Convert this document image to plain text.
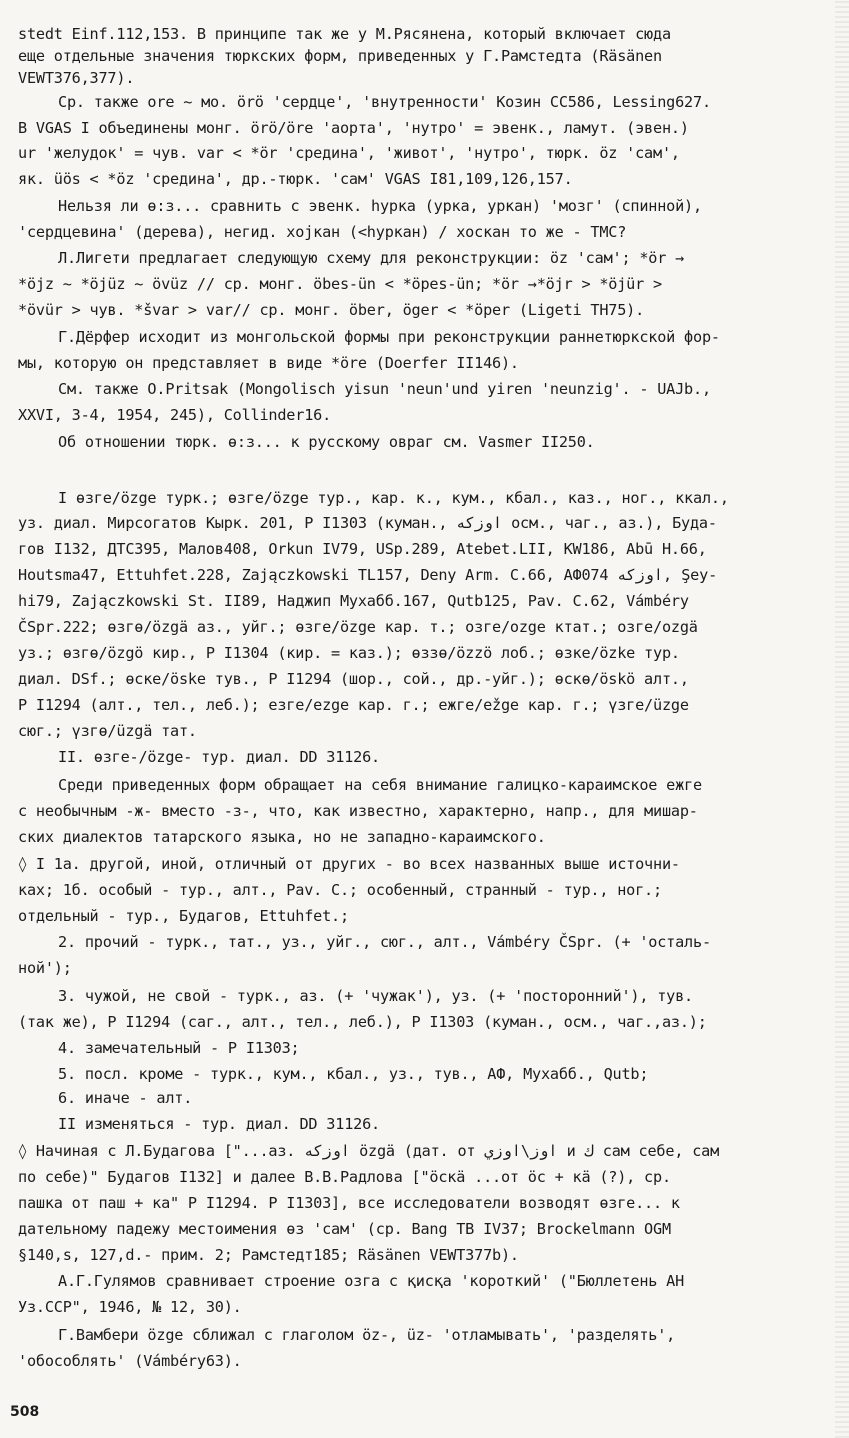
stedt Einf.112,153. В принципе так же у М.Рясянена, который включает сюда
еще отдельные значения тюркских форм, приведенных у Г.Рамстедта (Räsänen
VEWT376,377).
Ср. также ore ~ мо. örö 'сердце', 'внутренности' Козин CC586, Lessing627.
В VGAS I объединены монг. örö/öre 'аорта', 'нутро' = эвенк., ламут. (эвен.)
ur 'желудок' = чув. var < *ör 'средина', 'живот', 'нутро', тюрк. öz 'сам',
як. üös < *öz 'средина', др.-тюрк. 'сам' VGAS I81,109,126,157.
Нельзя ли ө:з... сравнить с эвенк. һурка (урка, уркан) 'мозг' (спинной),
'сердцевина' (дерева), негид. хојкан (<һуркан) / хоскан то же - ТМС?
Л.Лигети предлагает следующую схему для реконструкции: öz 'сам'; *ör →
*öjz ~ *öjüz ~ övüz // ср. монг. öbes-ün < *öpes-ün; *ör →*öjr > *öjür >
*övür > чув. *švar > var// ср. монг. öber, öger < *öper (Ligeti TH75).
Г.Дёрфер исходит из монгольской формы при реконструкции раннетюркской фор-
мы, которую он представляет в виде *öre (Doerfer II146).
См. также O.Pritsak (Mongolisch yisun 'neun'und yiren 'neunzig'. - UAJb.,
XXVI, 3-4, 1954, 245), Collinder16.
Об отношении тюрк. ө:з... к русскому овраг см. Vasmer II250.
I өзгe/özge турк.; өзге/özge тур., кар. к., кум., кбал., каз., ног., ккал.,
уз. диал. Мирсогатов Кырк. 201, Р I1303 (куман., اوزكه осм., чаг., аз.), Буда-
гов I132, ДТС395, Малов408, Orkun IV79, USp.289, Atebet.LII, KW186, Abū H.66,
Houtsma47, Ettuhfet.228, Zajączkowski TL157, Deny Arm. C.66, АФ074 اوزكه, Şey-
hi79, Zajączkowski St. II89, Наджип Мухабб.167, Qutb125, Pav. C.62, Vámbéry
ČSpr.222; өзгө/özgä аз., уйг.; өзге/özge кар. т.; озге/ozge ктат.; озге/ozgä
уз.; өзгө/özgö кир., Р I1304 (кир. = каз.); өззө/özzö лоб.; өзке/özke тур.
диал. DSf.; өске/öske тув., Р I1294 (шор., сой., др.-уйг.); өскө/öskö алт.,
Р I1294 (алт., тел., леб.); езге/ezge кар. г.; ежге/ežge кар. г.; үзге/üzge
сюг.; үзгө/üzgä тат.
II. өзге-/özge- тур. диал. DD 31126.
Среди приведенных форм обращает на себя внимание галицко-караимское ежге
с необычным -ж- вместо -з-, что, как известно, характерно, напр., для мишар-
ских диалектов татарского языка, но не западно-караимского.
◊ I 1а. другой, иной, отличный от других - во всех названных выше источни-
ках; 1б. особый - тур., алт., Pav. C.; особенный, странный - тур., ног.;
отдельный - тур., Будагов, Ettuhfet.;
2. прочий - турк., тат., уз., уйг., сюг., алт., Vámbéry ČSpr. (+ 'осталь-
ной');
3. чужой, не свой - турк., аз. (+ 'чужак'), уз. (+ 'посторонний'), тув.
(так же), Р I1294 (саг., алт., тел., леб.), Р I1303 (куман., осм., чаг.,аз.);
4. замечательный - Р I1303;
5. посл. кроме - турк., кум., кбал., уз., тув., АФ, Мухабб., Qutb;
6. иначе - алт.
II изменяться - тур. диал. DD 31126.
◊ Начиная с Л.Будагова ["...аз. اوزكه özgä (дат. от اوز\اوزي и ك сам себе, сам
по себе)" Будагов I132] и далее В.В.Радлова ["öскä ...от öс + кä (?), ср.
пашка от паш + ка" Р I1294. Р I1303], все исследователи возводят өзге... к
дательному падежу местоимения өз 'сам' (ср. Bang TB IV37; Brockelmann OGM
§140,s, 127,d.- прим. 2; Рамстедт185; Räsänen VEWT377b).
А.Г.Гулямов сравнивает строение озга с қисқа 'короткий' ("Бюллетень АН
Уз.ССР", 1946, № 12, 30).
Г.Вамбери özge сближал с глаголом öz-, üz- 'отламывать', 'разделять',
'обособлять' (Vámbéry63).
508
